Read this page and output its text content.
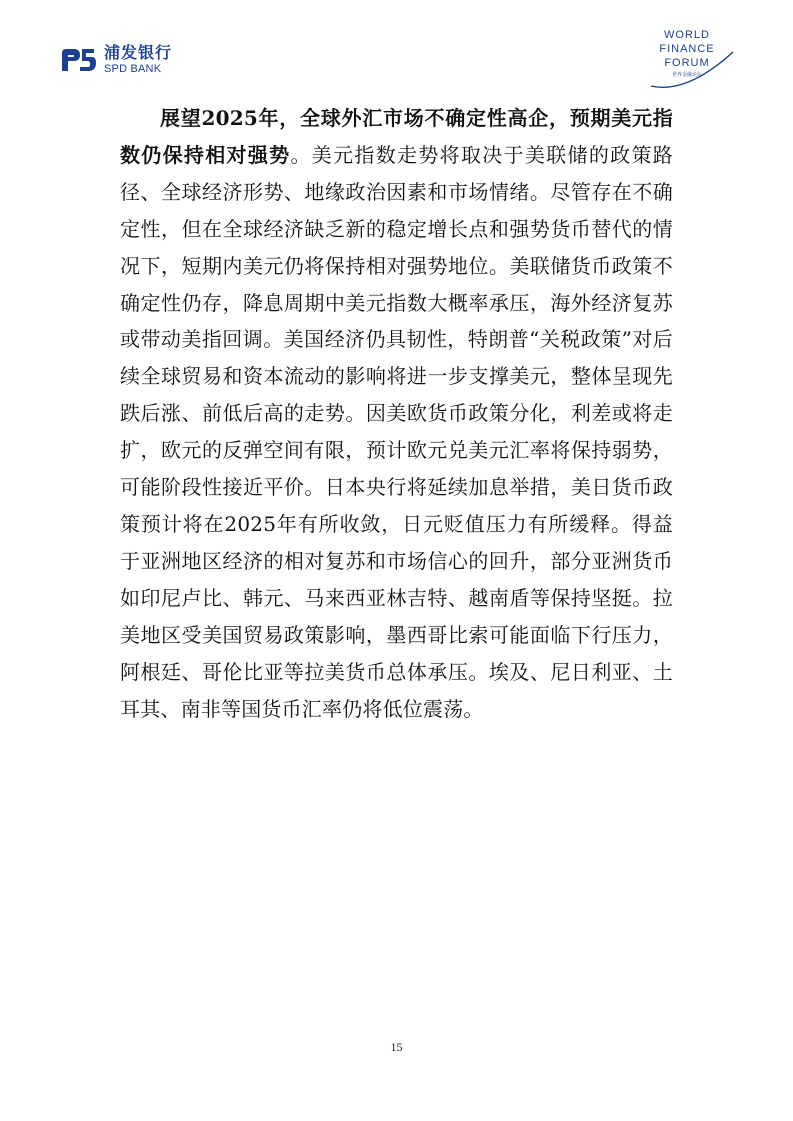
浦发银行
SPD BANK
WORLD
FINANCE
FORUM
世界金融论坛
展望2025年，全球外汇市场不确定性高企，预期美元指数仍保持相对强势。美元指数走势将取决于美联储的政策路径、全球经济形势、地缘政治因素和市场情绪。尽管存在不确定性，但在全球经济缺乏新的稳定增长点和强势货币替代的情况下，短期内美元仍将保持相对强势地位。美联储货币政策不确定性仍存，降息周期中美元指数大概率承压，海外经济复苏或带动美指回调。美国经济仍具韧性，特朗普“关税政策”对后续全球贸易和资本流动的影响将进一步支撑美元，整体呈现先跌后涨、前低后高的走势。因美欧货币政策分化，利差或将走扩，欧元的反弹空间有限，预计欧元兑美元汇率将保持弱势，可能阶段性接近平价。日本央行将延续加息举措，美日货币政策预计将在2025年有所收敛，日元贬值压力有所缓释。得益于亚洲地区经济的相对复苏和市场信心的回升，部分亚洲货币如印尼卢比、韩元、马来西亚林吉特、越南盾等保持坚挺。拉美地区受美国贸易政策影响，墨西哥比索可能面临下行压力，阿根廷、哥伦比亚等拉美货币总体承压。埃及、尼日利亚、土耳其、南非等国货币汇率仍将低位震荡。
15
